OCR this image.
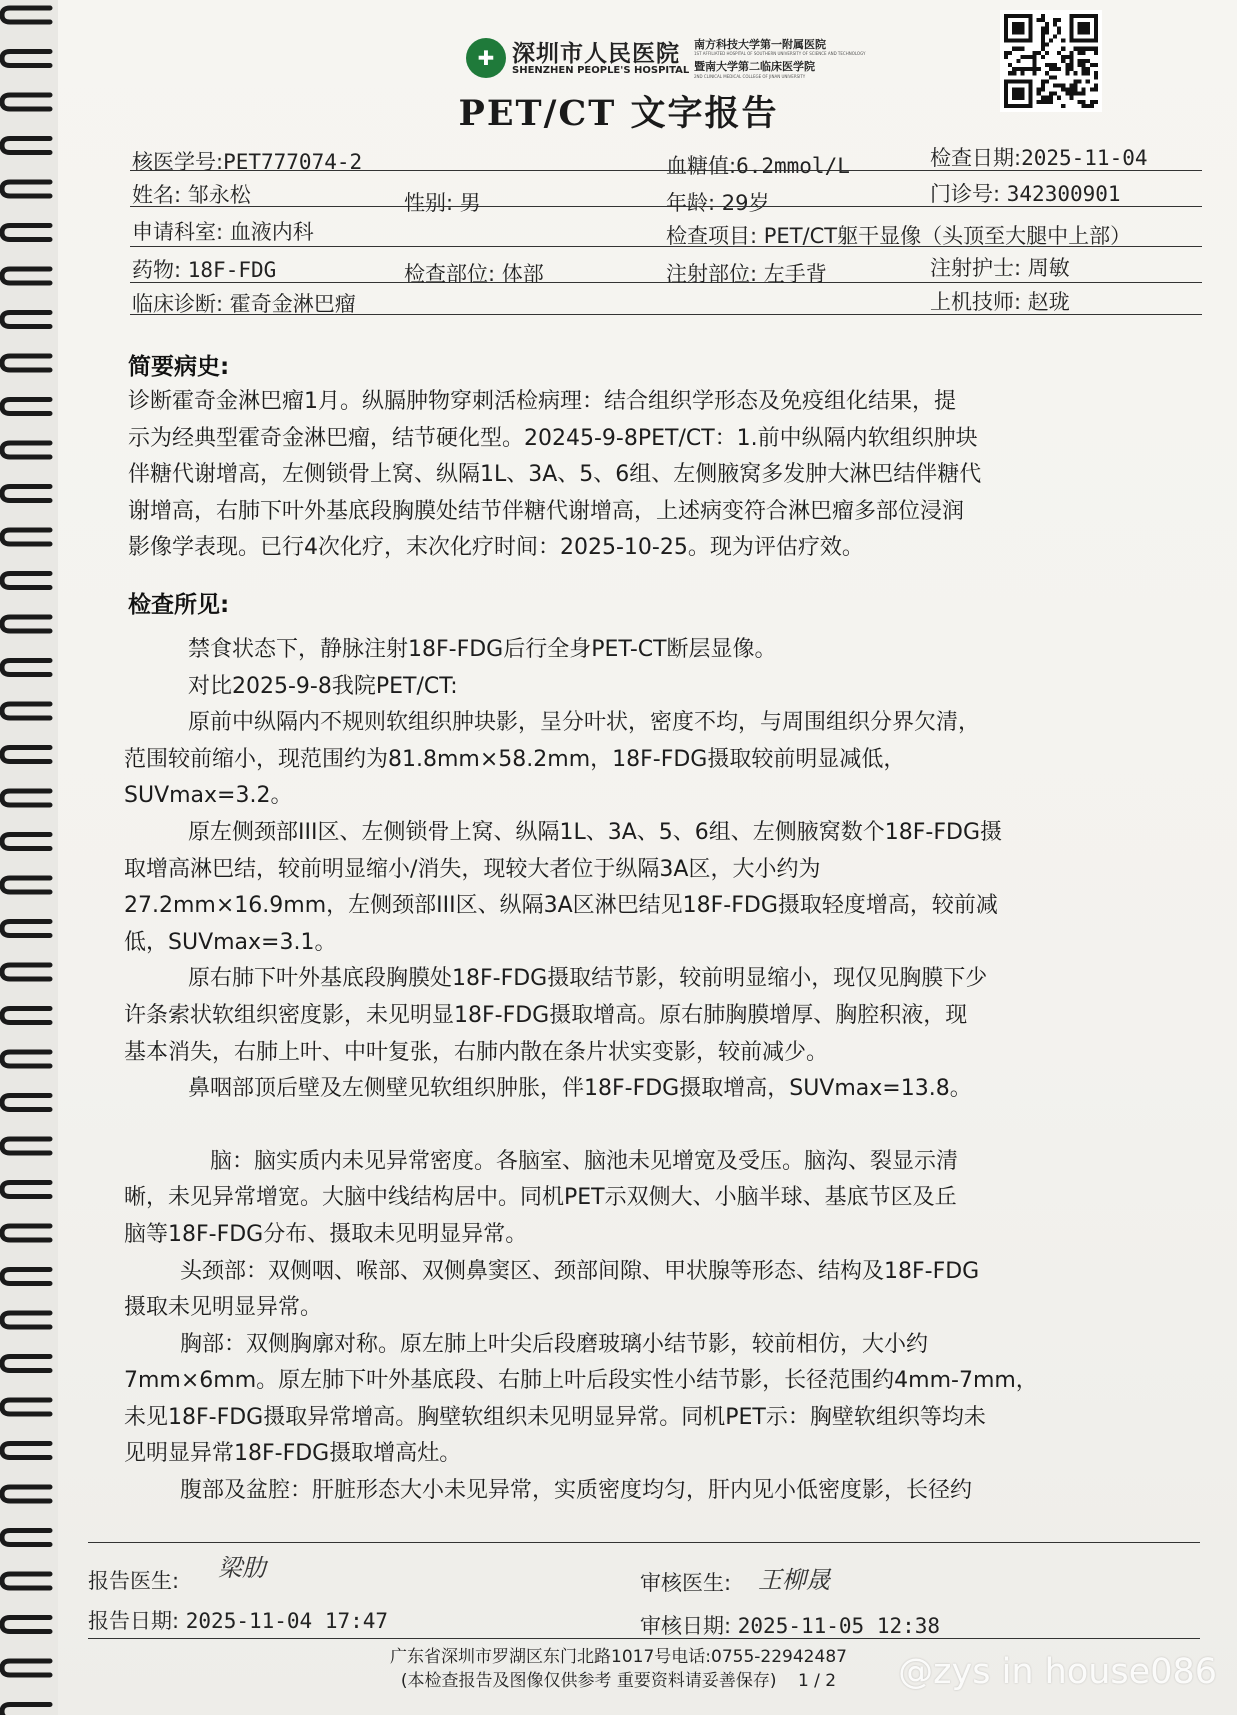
✚ 深圳市人民医院
SHENZHEN PEOPLE'S HOSPITAL
南方科技大学第一附属医院
1ST AFFILIATED HOSPITAL OF SOUTHERN UNIVERSITY OF SCIENCE AND TECHNOLOGY
暨南大学第二临床医学院
2ND CLINICAL MEDICAL COLLEGE OF JINAN UNIVERSITY
PET/CT 文字报告
核医学号:PET777074-2	血糖值:6.2mmol/L	检查日期:2025-11-04
姓名: 邹永松	性别: 男	年龄: 29岁	门诊号: 342300901
申请科室: 血液内科	检查项目: PET/CT躯干显像（头顶至大腿中上部）
药物: 18F-FDG	检查部位: 体部	注射部位: 左手背	注射护士: 周敏
临床诊断: 霍奇金淋巴瘤	上机技师: 赵珑
简要病史:
诊断霍奇金淋巴瘤1月。纵膈肿物穿刺活检病理：结合组织学形态及免疫组化结果，提
示为经典型霍奇金淋巴瘤，结节硬化型。20245-9-8PET/CT：1.前中纵隔内软组织肿块
伴糖代谢增高，左侧锁骨上窝、纵隔1L、3A、5、6组、左侧腋窝多发肿大淋巴结伴糖代
谢增高，右肺下叶外基底段胸膜处结节伴糖代谢增高，上述病变符合淋巴瘤多部位浸润
影像学表现。已行4次化疗，末次化疗时间：2025-10-25。现为评估疗效。
检查所见:
禁食状态下，静脉注射18F-FDG后行全身PET-CT断层显像。
对比2025-9-8我院PET/CT:
原前中纵隔内不规则软组织肿块影，呈分叶状，密度不均，与周围组织分界欠清，
范围较前缩小，现范围约为81.8mm×58.2mm，18F-FDG摄取较前明显减低，
SUVmax=3.2。
原左侧颈部III区、左侧锁骨上窝、纵隔1L、3A、5、6组、左侧腋窝数个18F-FDG摄
取增高淋巴结，较前明显缩小/消失，现较大者位于纵隔3A区，大小约为
27.2mm×16.9mm，左侧颈部III区、纵隔3A区淋巴结见18F-FDG摄取轻度增高，较前减
低，SUVmax=3.1。
原右肺下叶外基底段胸膜处18F-FDG摄取结节影，较前明显缩小，现仅见胸膜下少
许条索状软组织密度影，未见明显18F-FDG摄取增高。原右肺胸膜增厚、胸腔积液，现
基本消失，右肺上叶、中叶复张，右肺内散在条片状实变影，较前减少。
鼻咽部顶后壁及左侧壁见软组织肿胀，伴18F-FDG摄取增高，SUVmax=13.8。
脑：脑实质内未见异常密度。各脑室、脑池未见增宽及受压。脑沟、裂显示清
晰，未见异常增宽。大脑中线结构居中。同机PET示双侧大、小脑半球、基底节区及丘
脑等18F-FDG分布、摄取未见明显异常。
头颈部：双侧咽、喉部、双侧鼻窦区、颈部间隙、甲状腺等形态、结构及18F-FDG
摄取未见明显异常。
胸部：双侧胸廓对称。原左肺上叶尖后段磨玻璃小结节影，较前相仿，大小约
7mm×6mm。原左肺下叶外基底段、右肺上叶后段实性小结节影，长径范围约4mm-7mm，
未见18F-FDG摄取异常增高。胸壁软组织未见明显异常。同机PET示：胸壁软组织等均未
见明显异常18F-FDG摄取增高灶。
腹部及盆腔：肝脏形态大小未见异常，实质密度均匀，肝内见小低密度影，长径约
报告医生: 梁肋
审核医生: 王柳晟
报告日期: 2025-11-04 17:47	审核日期: 2025-11-05 12:38
广东省深圳市罗湖区东门北路1017号电话:0755-22942487
(本检查报告及图像仅供参考 重要资料请妥善保存) 1 / 2	@zys in house086
